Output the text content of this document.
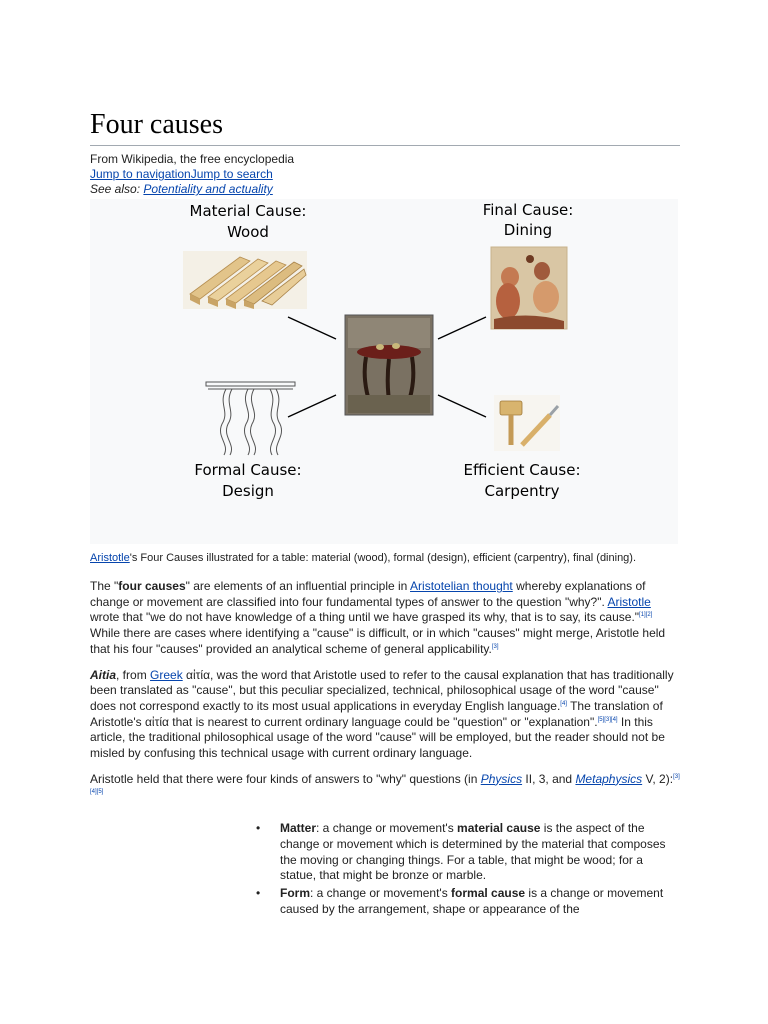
Four causes
From Wikipedia, the free encyclopedia
Jump to navigationJump to search
See also: Potentiality and actuality
Material Cause:
Wood
Final Cause:
Dining
Formal Cause:
Design
Efficient Cause:
Carpentry
Aristotle's Four Causes illustrated for a table: material (wood), formal (design), efficient (carpentry), final (dining).

The "four causes" are elements of an influential principle in Aristotelian thought whereby explanations of change or movement are classified into four fundamental types of answer to the question "why?". Aristotle wrote that "we do not have knowledge of a thing until we have grasped its why, that is to say, its cause."[1][2] While there are cases where identifying a "cause" is difficult, or in which "causes" might merge, Aristotle held that his four "causes" provided an analytical scheme of general applicability.[3]

Aitia, from Greek αἰτία, was the word that Aristotle used to refer to the causal explanation that has traditionally been translated as "cause", but this peculiar specialized, technical, philosophical usage of the word "cause" does not correspond exactly to its most usual applications in everyday English language.[4] The translation of Aristotle's αἰτία that is nearest to current ordinary language could be "question" or "explanation".[5][3][4] In this article, the traditional philosophical usage of the word "cause" will be employed, but the reader should not be misled by confusing this technical usage with current ordinary language.

Aristotle held that there were four kinds of answers to "why" questions (in Physics II, 3, and Metaphysics V, 2):[3][4][5]

• Matter: a change or movement's material cause is the aspect of the change or movement which is determined by the material that composes the moving or changing things. For a table, that might be wood; for a statue, that might be bronze or marble.
• Form: a change or movement's formal cause is a change or movement caused by the arrangement, shape or appearance of the
